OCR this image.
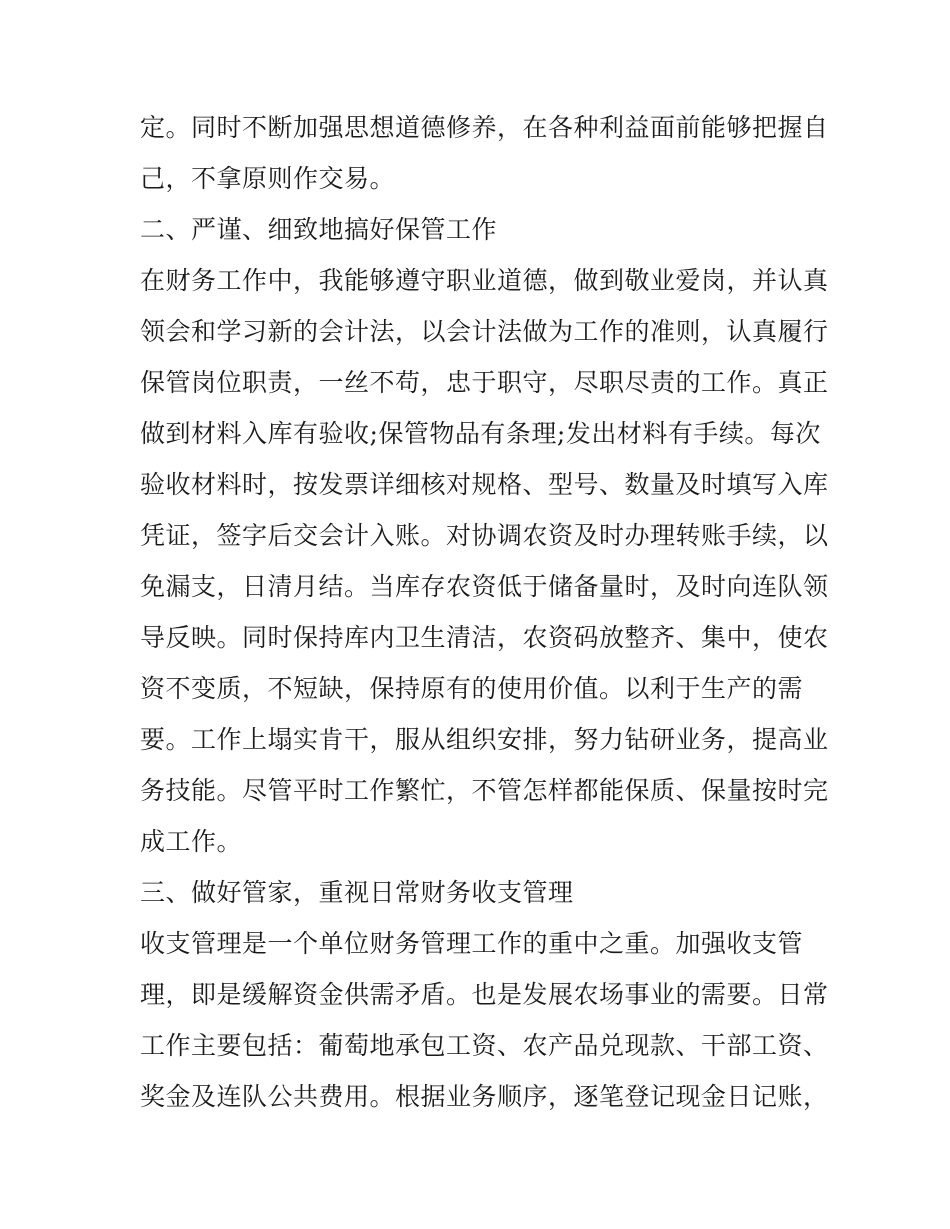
定。同时不断加强思想道德修养，在各种利益面前能够把握自
己，不拿原则作交易。
二、严谨、细致地搞好保管工作
在财务工作中，我能够遵守职业道德，做到敬业爱岗，并认真
领会和学习新的会计法，以会计法做为工作的准则，认真履行
保管岗位职责，一丝不苟，忠于职守，尽职尽责的工作。真正
做到材料入库有验收;保管物品有条理;发出材料有手续。每次
验收材料时，按发票详细核对规格、型号、数量及时填写入库
凭证，签字后交会计入账。对协调农资及时办理转账手续，以
免漏支，日清月结。当库存农资低于储备量时，及时向连队领
导反映。同时保持库内卫生清洁，农资码放整齐、集中，使农
资不变质，不短缺，保持原有的使用价值。以利于生产的需
要。工作上塌实肯干，服从组织安排，努力钻研业务，提高业
务技能。尽管平时工作繁忙，不管怎样都能保质、保量按时完
成工作。
三、做好管家，重视日常财务收支管理
收支管理是一个单位财务管理工作的重中之重。加强收支管
理，即是缓解资金供需矛盾。也是发展农场事业的需要。日常
工作主要包括：葡萄地承包工资、农产品兑现款、干部工资、
奖金及连队公共费用。根据业务顺序，逐笔登记现金日记账，
